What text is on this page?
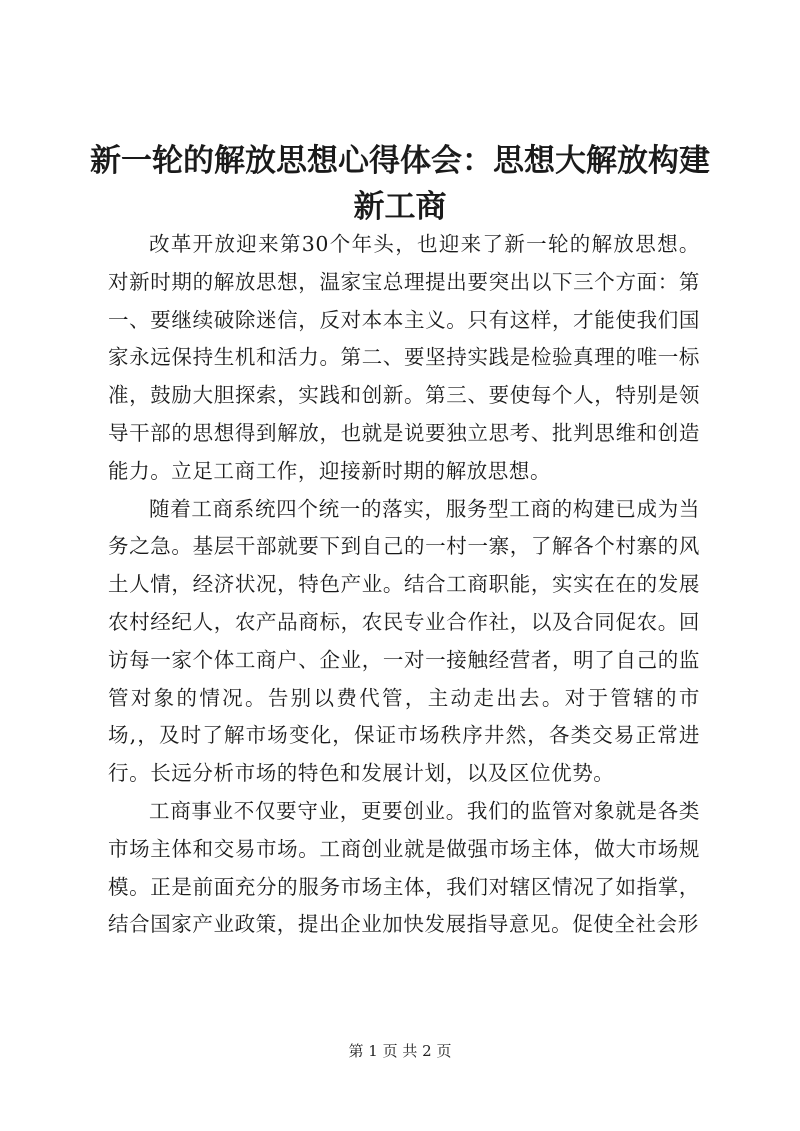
新一轮的解放思想心得体会：思想大解放构建新工商

改革开放迎来第30个年头，也迎来了新一轮的解放思想。对新时期的解放思想，温家宝总理提出要突出以下三个方面：第一、要继续破除迷信，反对本本主义。只有这样，才能使我们国家永远保持生机和活力。第二、要坚持实践是检验真理的唯一标准，鼓励大胆探索，实践和创新。第三、要使每个人，特别是领导干部的思想得到解放，也就是说要独立思考、批判思维和创造能力。立足工商工作，迎接新时期的解放思想。

随着工商系统四个统一的落实，服务型工商的构建已成为当务之急。基层干部就要下到自己的一村一寨，了解各个村寨的风土人情，经济状况，特色产业。结合工商职能，实实在在的发展农村经纪人，农产品商标，农民专业合作社，以及合同促农。回访每一家个体工商户、企业，一对一接触经营者，明了自己的监管对象的情况。告别以费代管，主动走出去。对于管辖的市场,，及时了解市场变化，保证市场秩序井然，各类交易正常进行。长远分析市场的特色和发展计划，以及区位优势。

工商事业不仅要守业，更要创业。我们的监管对象就是各类市场主体和交易市场。工商创业就是做强市场主体，做大市场规模。正是前面充分的服务市场主体，我们对辖区情况了如指掌，结合国家产业政策，提出企业加快发展指导意见。促使全社会形

第 1 页 共 2 页
